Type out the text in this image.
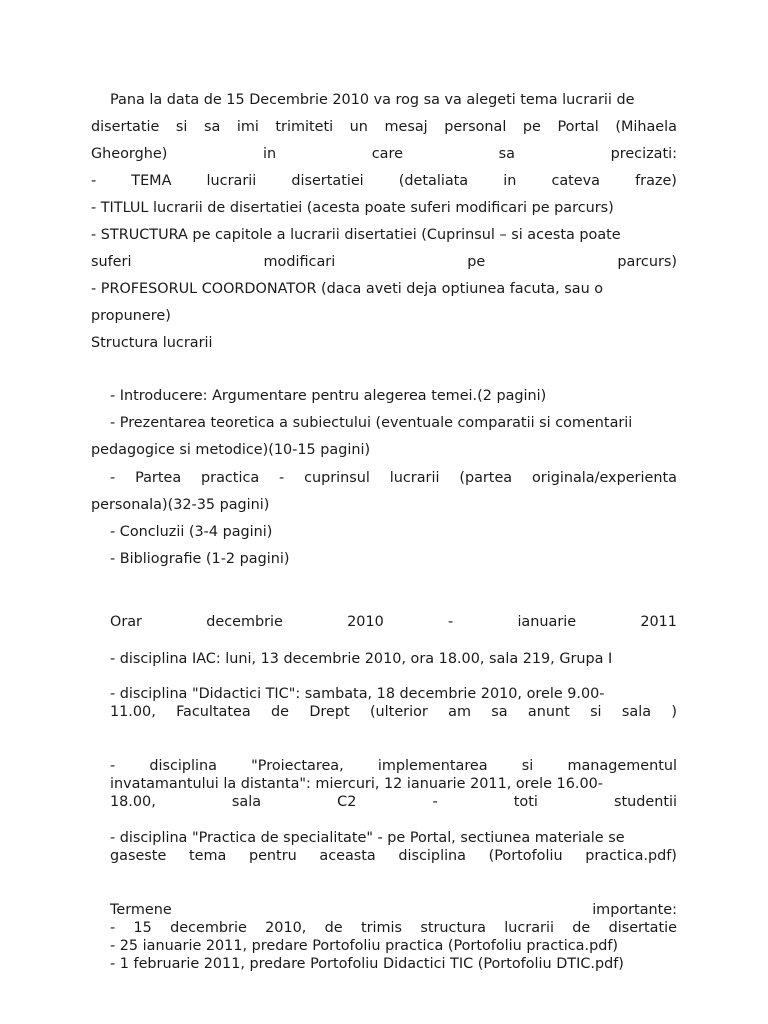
Pana la data de 15 Decembrie 2010 va rog sa va alegeti tema lucrarii de
disertatie si sa imi trimiteti un mesaj personal pe Portal (Mihaela
Gheorghe)	in	care	sa	precizati:
- TEMA lucrarii disertatiei (detaliata in cateva fraze)
- TITLUL lucrarii de disertatiei (acesta poate suferi modificari pe parcurs)
- STRUCTURA pe capitole a lucrarii disertatiei (Cuprinsul – si acesta poate
suferi	modificari	pe	parcurs)
- PROFESORUL COORDONATOR (daca aveti deja optiunea facuta, sau o
propunere)
Structura lucrarii
- Introducere: Argumentare pentru alegerea temei.(2 pagini)
- Prezentarea teoretica a subiectului (eventuale comparatii si comentarii
pedagogice si metodice)(10-15 pagini)
- Partea practica - cuprinsul lucrarii (partea originala/experienta
personala)(32-35 pagini)
- Concluzii (3-4 pagini)
- Bibliografie (1-2 pagini)
Orar	decembrie	2010	-	ianuarie	2011
- disciplina IAC: luni, 13 decembrie 2010, ora 18.00, sala 219, Grupa I
- disciplina "Didactici TIC": sambata, 18 decembrie 2010, orele 9.00-
11.00, Facultatea de Drept (ulterior am sa anunt si sala )
- disciplina "Proiectarea, implementarea si managementul
invatamantului la distanta": miercuri, 12 ianuarie 2011, orele 16.00-
18.00,	sala	C2	-	toti	studentii
- disciplina "Practica de specialitate" - pe Portal, sectiunea materiale se
gaseste tema pentru aceasta disciplina (Portofoliu practica.pdf)
Termene	importante:
- 15 decembrie 2010, de trimis structura lucrarii de disertatie
- 25 ianuarie 2011, predare Portofoliu practica (Portofoliu practica.pdf)
- 1 februarie 2011, predare Portofoliu Didactici TIC (Portofoliu DTIC.pdf)
